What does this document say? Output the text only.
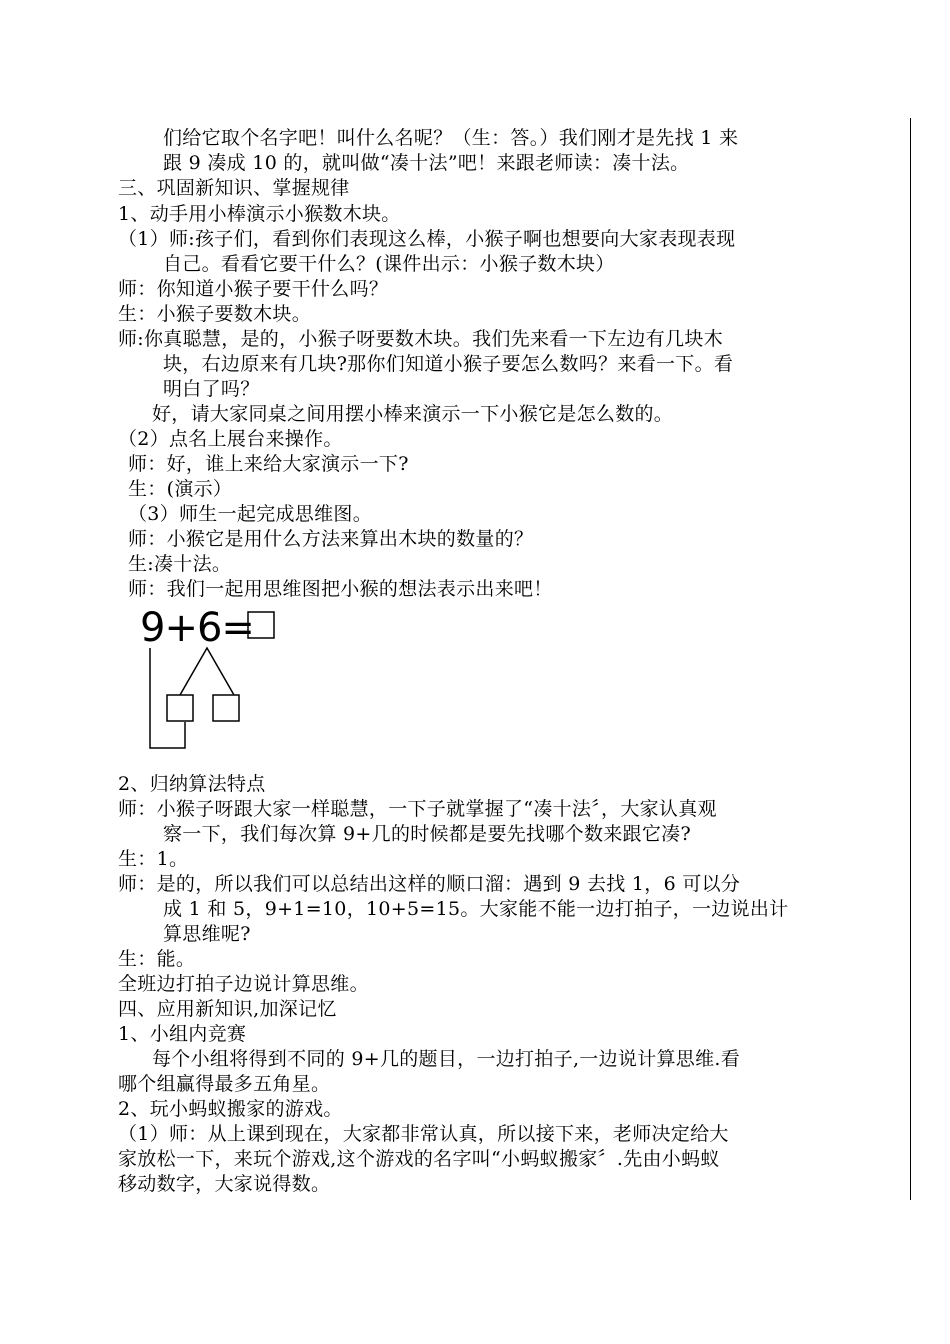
们给它取个名字吧！叫什么名呢？（生：答。）我们刚才是先找 1 来
跟 9 凑成 10 的，就叫做“凑十法”吧！来跟老师读：凑十法。
三、巩固新知识、掌握规律
1、动手用小棒演示小猴数木块。
（1）师:孩子们，看到你们表现这么棒，小猴子啊也想要向大家表现表现
自己。看看它要干什么？(课件出示：小猴子数木块）
师：你知道小猴子要干什么吗？
生：小猴子要数木块。
师:你真聪慧，是的，小猴子呀要数木块。我们先来看一下左边有几块木
块，右边原来有几块?那你们知道小猴子要怎么数吗？来看一下。看
明白了吗？
好，请大家同桌之间用摆小棒来演示一下小猴它是怎么数的。
（2）点名上展台来操作。
师：好，谁上来给大家演示一下?
生：(演示）
（3）师生一起完成思维图。
师：小猴它是用什么方法来算出木块的数量的？
生:凑十法。
师：我们一起用思维图把小猴的想法表示出来吧！
9+6=
2、归纳算法特点
师：小猴子呀跟大家一样聪慧，一下子就掌握了“凑十法〞，大家认真观
察一下，我们每次算 9+几的时候都是要先找哪个数来跟它凑?
生：1。
师：是的，所以我们可以总结出这样的顺口溜：遇到 9 去找 1，6 可以分
成 1 和 5，9+1=10，10+5=15。大家能不能一边打拍子，一边说出计
算思维呢?
生：能。
全班边打拍子边说计算思维。
四、应用新知识,加深记忆
1、小组内竞赛
每个小组将得到不同的 9+几的题目，一边打拍子,一边说计算思维.看
哪个组赢得最多五角星。
2、玩小蚂蚁搬家的游戏。
（1）师：从上课到现在，大家都非常认真，所以接下来，老师决定给大
家放松一下，来玩个游戏,这个游戏的名字叫“小蚂蚁搬家〞.先由小蚂蚁
移动数字，大家说得数。
